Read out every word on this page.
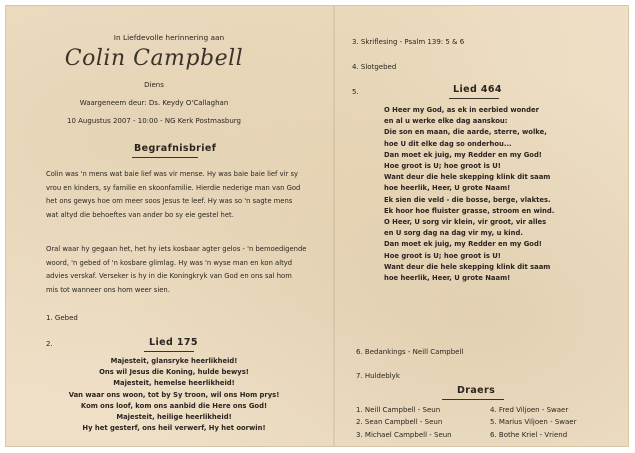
In Liefdevolle herinnering aan
Colin Campbell
Diens
Waargeneem deur: Ds. Keydy O'Callaghan
10 Augustus 2007 - 10:00 - NG Kerk Postmasburg
Begrafnisbrief
Colin was 'n mens wat baie lief was vir mense. Hy was baie baie lief vir sy
vrou en kinders, sy familie en skoonfamilie. Hierdie nederige man van God
het ons gewys hoe om meer soos Jesus te leef. Hy was so 'n sagte mens
wat altyd die behoeftes van ander bo sy eie gestel het.
Oral waar hy gegaan het, het hy iets kosbaar agter gelos - 'n bemoedigende
woord, 'n gebed of 'n kosbare glimlag. Hy was 'n wyse man en kon altyd
advies verskaf. Verseker is hy in die Koningkryk van God en ons sal hom
mis tot wanneer ons hom weer sien.
1. Gebed
2.	Lied 175
Majesteit, glansryke heerlikheid!
Ons wil Jesus die Koning, hulde bewys!
Majesteit, hemelse heerlikheid!
Van waar ons woon, tot by Sy troon, wil ons Hom prys!
Kom ons loof, kom ons aanbid die Here ons God!
Majesteit, heilige heerlikheid!
Hy het gesterf, ons heil verwerf, Hy het oorwin!
3. Skriflesing - Psalm 139: 5 & 6
4. Slotgebed
5.	Lied 464
O Heer my God, as ek in eerbied wonder
en al u werke elke dag aanskou:
Die son en maan, die aarde, sterre, wolke,
hoe U dit elke dag so onderhou...
Dan moet ek juig, my Redder en my God!
Hoe groot is U; hoe groot is U!
Want deur die hele skepping klink dit saam
hoe heerlik, Heer, U grote Naam!
Ek sien die veld - die bosse, berge, vlaktes.
Ek hoor hoe fluister grasse, stroom en wind.
O Heer, U sorg vir klein, vir groot, vir alles
en U sorg dag na dag vir my, u kind.
Dan moet ek juig, my Redder en my God!
Hoe groot is U; hoe groot is U!
Want deur die hele skepping klink dit saam
hoe heerlik, Heer, U grote Naam!
6. Bedankings - Neill Campbell
7. Huldeblyk
Draers
1. Neill Campbell - Seun
2. Sean Campbell - Seun
3. Michael Campbell - Seun
4. Fred Viljoen - Swaer
5. Marius Viljoen - Swaer
6. Bothe Kriel - Vriend
